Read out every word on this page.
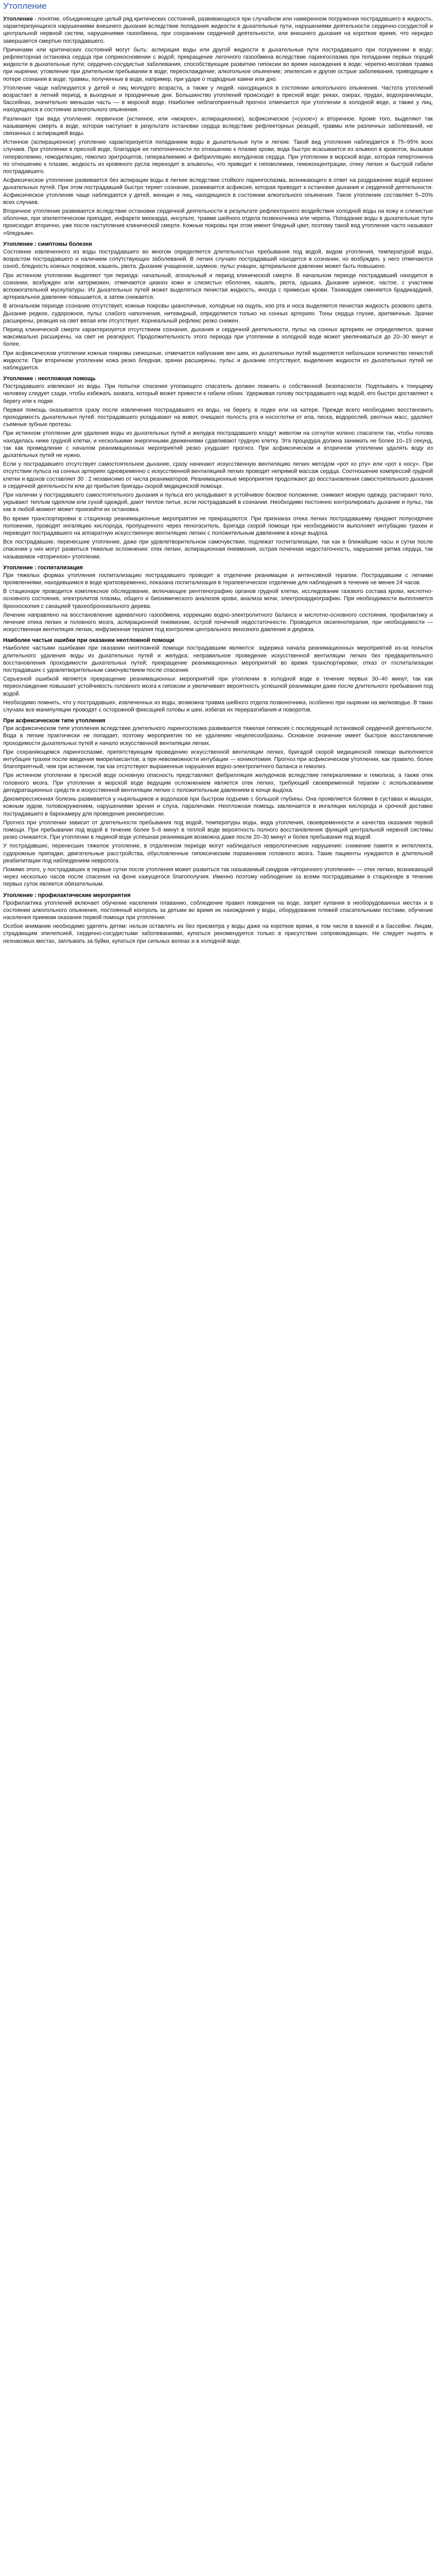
Утопление

Утопление - понятие, объединяющее целый ряд критических состояний, развивающихся при случайном или намеренном погружении пострадавшего в жидкость, характеризующихся нарушениями внешнего дыхания вследствие попадания жидкости в дыхательные пути, нарушениями деятельности сердечно-сосудистой и центральной нервной систем, нарушениями газообмена, при сохранении сердечной деятельности, или внешнего дыхания на короткое время, что нередко завершается смертью пострадавшего.

Причинами или критических состояний могут быть: аспирация воды или другой жидкости в дыхательные пути пострадавшего при погружении в воду; рефлекторная остановка сердца при соприкосновении с водой; прекращение легочного газообмена вследствие ларингоспазма при попадании первых порций жидкости в дыхательные пути; сердечно-сосудистые заболевания, способствующие развитию гипоксии во время нахождения в воде; черепно-мозговая травма при нырянии; утомление при длительном пребывании в воде; переохлаждение; алкогольное опьянение; эпилепсия и другие острые заболевания, приводящие к потере сознания в воде; травмы, полученные в воде, например, при ударе о подводные камни или дно.

Утопление чаще наблюдается у детей и лиц молодого возраста, а также у людей, находящихся в состоянии алкогольного опьянения. Частота утоплений возрастает в летний период, в выходные и праздничные дни. Большинство утоплений происходит в пресной воде: реках, озерах, прудах, водохранилищах, бассейнах, значительно меньшая часть — в морской воде. Наиболее неблагоприятный прогноз отмечается при утоплении в холодной воде, а также у лиц, находящихся в состоянии алкогольного опьянения.

Различают три вида утопления: первичное (истинное, или «мокрое», аспирационное), асфиксическое («сухое») и вторичное. Кроме того, выделяют так называемую смерть в воде, которая наступает в результате остановки сердца вследствие рефлекторных реакций, травмы или различных заболеваний, не связанных с аспирацией воды.

Истинное (аспирационное) утопление характеризуется попаданием воды в дыхательные пути и легкие. Такой вид утопления наблюдается в 75–95% всех случаев. При утоплении в пресной воде, благодаря ее гипотоничности по отношению к плазме крови, вода быстро всасывается из альвеол в кровоток, вызывая гиперволемию, гемодилюцию, гемолиз эритроцитов, гиперкалиемию и фибрилляцию желудочков сердца. При утоплении в морской воде, которая гипертонична по отношению к плазме, жидкость из кровяного русла переходит в альвеолы, что приводит к гиповолемии, гемоконцентрации, отеку легких и быстрой гибели пострадавшего.

Асфиксическое утопление развивается без аспирации воды в легкие вследствие стойкого ларингоспазма, возникающего в ответ на раздражение водой верхних дыхательных путей. При этом пострадавший быстро теряет сознание, развивается асфиксия, которая приводит к остановке дыхания и сердечной деятельности. Асфиксическое утопление чаще наблюдается у детей, женщин и лиц, находящихся в состоянии алкогольного опьянения. Такое утопление составляет 5–20% всех случаев.

Вторичное утопление развивается вследствие остановки сердечной деятельности в результате рефлекторного воздействия холодной воды на кожу и слизистые оболочки, при эпилептическом припадке, инфаркте миокарда, инсульте, травме шейного отдела позвоночника или черепа. Попадание воды в дыхательные пути происходит вторично, уже после наступления клинической смерти. Кожные покровы при этом имеют бледный цвет, поэтому такой вид утопления часто называют «бледным».

Утопление : симптомы болезни

Состояние извлеченного из воды пострадавшего во многом определяется длительностью пребывания под водой, видом утопления, температурой воды, возрастом пострадавшего и наличием сопутствующих заболеваний. В легких случаях пострадавший находится в сознании, но возбужден, у него отмечаются озноб, бледность кожных покровов, кашель, рвота. Дыхание учащенное, шумное, пульс учащен, артериальное давление может быть повышено.

При истинном утоплении выделяют три периода: начальный, агональный и период клинической смерти. В начальном периоде пострадавший находится в сознании, возбужден или заторможен, отмечаются цианоз кожи и слизистых оболочек, кашель, рвота, одышка. Дыхание шумное, частое, с участием вспомогательной мускулатуры. Из дыхательных путей может выделяться пенистая жидкость, иногда с примесью крови. Тахикардия сменяется брадикардией, артериальное давление повышается, а затем снижается.

В агональном периоде сознание отсутствует, кожные покровы цианотичные, холодные на ощупь, изо рта и носа выделяется пенистая жидкость розового цвета. Дыхание редкое, судорожное, пульс слабого наполнения, нитевидный, определяется только на сонных артериях. Тоны сердца глухие, аритмичные. Зрачки расширены, реакция на свет вялая или отсутствует. Корнеальный рефлекс резко снижен.

Период клинической смерти характеризуется отсутствием сознания, дыхания и сердечной деятельности, пульс на сонных артериях не определяется, зрачки максимально расширены, на свет не реагируют. Продолжительность этого периода при утоплении в холодной воде может увеличиваться до 20–30 минут и более.

При асфиксическом утоплении кожные покровы синюшные, отмечается набухание вен шеи, из дыхательных путей выделяется небольшое количество пенистой жидкости. При вторичном утоплении кожа резко бледная, зрачки расширены, пульс и дыхание отсутствуют, выделения жидкости из дыхательных путей не наблюдается.

Утопление : неотложная помощь

Пострадавшего извлекают из воды. При попытке спасения утопающего спасатель должен помнить о собственной безопасности. Подплывать к тонущему человеку следует сзади, чтобы избежать захвата, который может привести к гибели обоих. Удерживая голову пострадавшего над водой, его быстро доставляют к берегу или к лодке.

Первая помощь оказывается сразу после извлечения пострадавшего из воды, на берегу, в лодке или на катере. Прежде всего необходимо восстановить проходимость дыхательных путей: пострадавшего укладывают на живот, очищают полость рта и носоглотки от ила, песка, водорослей, рвотных масс, удаляют съемные зубные протезы.

При истинном утоплении для удаления воды из дыхательных путей и желудка пострадавшего кладут животом на согнутое колено спасателя так, чтобы голова находилась ниже грудной клетки, и несколькими энергичными движениями сдавливают грудную клетку. Эта процедура должна занимать не более 10–15 секунд, так как промедление с началом реанимационных мероприятий резко ухудшает прогноз. При асфиксическом и вторичном утоплении удалять воду из дыхательных путей не нужно.

Если у пострадавшего отсутствует самостоятельное дыхание, сразу начинают искусственную вентиляцию легких методом «рот ко рту» или «рот к носу». При отсутствии пульса на сонных артериях одновременно с искусственной вентиляцией легких проводят непрямой массаж сердца. Соотношение компрессий грудной клетки и вдохов составляет 30 : 2 независимо от числа реаниматоров. Реанимационные мероприятия продолжают до восстановления самостоятельного дыхания и сердечной деятельности или до прибытия бригады скорой медицинской помощи.

При наличии у пострадавшего самостоятельного дыхания и пульса его укладывают в устойчивое боковое положение, снимают мокрую одежду, растирают тело, укрывают теплым одеялом или сухой одеждой, дают теплое питье, если пострадавший в сознании. Необходимо постоянно контролировать дыхание и пульс, так как в любой момент может произойти их остановка.

Во время транспортировки в стационар реанимационные мероприятия не прекращаются. При признаках отека легких пострадавшему придают полусидячее положение, проводят ингаляцию кислорода, пропущенного через пеногаситель. Бригада скорой помощи при необходимости выполняет интубацию трахеи и переводит пострадавшего на аппаратную искусственную вентиляцию легких с положительным давлением в конце выдоха.

Все пострадавшие, перенесшие утопление, даже при удовлетворительном самочувствии, подлежат госпитализации, так как в ближайшие часы и сутки после спасения у них могут развиться тяжелые осложнения: отек легких, аспирационная пневмония, острая почечная недостаточность, нарушения ритма сердца, так называемое «вторичное» утопление.

Утопление : госпитализация

При тяжелых формах утопления госпитализацию пострадавшего проводят в отделение реанимации и интенсивной терапии. Пострадавшим с легкими проявлениями, находившимся в воде кратковременно, показана госпитализация в терапевтическое отделение для наблюдения в течение не менее 24 часов.

В стационаре проводится комплексное обследование, включающее рентгенографию органов грудной клетки, исследование газового состава крови, кислотно-основного состояния, электролитов плазмы, общего и биохимического анализов крови, анализа мочи, электрокардиографию. При необходимости выполняется бронхоскопия с санацией трахеобронхиального дерева.

Лечение направлено на восстановление адекватного газообмена, коррекцию водно-электролитного баланса и кислотно-основного состояния, профилактику и лечение отека легких и головного мозга, аспирационной пневмонии, острой почечной недостаточности. Проводится оксигенотерапия, при необходимости — искусственная вентиляция легких, инфузионная терапия под контролем центрального венозного давления и диуреза.

Наиболее частые ошибки при оказании неотложной помощи

Наиболее частыми ошибками при оказании неотложной помощи пострадавшим являются: задержка начала реанимационных мероприятий из-за попыток длительного удаления воды из дыхательных путей и желудка; неправильное проведение искусственной вентиляции легких без предварительного восстановления проходимости дыхательных путей; прекращение реанимационных мероприятий во время транспортировки; отказ от госпитализации пострадавших с удовлетворительным самочувствием после спасения.

Серьезной ошибкой является прекращение реанимационных мероприятий при утоплении в холодной воде в течение первых 30–40 минут, так как переохлаждение повышает устойчивость головного мозга к гипоксии и увеличивает вероятность успешной реанимации даже после длительного пребывания под водой.

Необходимо помнить, что у пострадавших, извлеченных из воды, возможна травма шейного отдела позвоночника, особенно при нырянии на мелководье. В таких случаях все манипуляции проводят с осторожной фиксацией головы и шеи, избегая их переразгибания и поворотов.

При асфиксическом типе утопления

При асфиксическом типе утопления вследствие длительного ларингоспазма развивается тяжелая гипоксия с последующей остановкой сердечной деятельности. Вода в легкие практически не попадает, поэтому мероприятия по ее удалению нецелесообразны. Основное значение имеет быстрое восстановление проходимости дыхательных путей и начало искусственной вентиляции легких.

При сохраняющемся ларингоспазме, препятствующем проведению искусственной вентиляции легких, бригадой скорой медицинской помощи выполняется интубация трахеи после введения миорелаксантов, а при невозможности интубации — коникотомия. Прогноз при асфиксическом утоплении, как правило, более благоприятный, чем при истинном, так как отсутствуют выраженные нарушения водно-электролитного баланса и гемолиз.

При истинном утоплении в пресной воде основную опасность представляют фибрилляция желудочков вследствие гиперкалиемии и гемолиза, а также отек головного мозга. При утоплении в морской воде ведущим осложнением является отек легких, требующий своевременной терапии с использованием дегидратационных средств и искусственной вентиляции легких с положительным давлением в конце выдоха.

Декомпрессионная болезнь развивается у ныряльщиков и водолазов при быстром подъеме с большой глубины. Она проявляется болями в суставах и мышцах, кожным зудом, головокружением, нарушениями зрения и слуха, параличами. Неотложная помощь заключается в ингаляции кислорода и срочной доставке пострадавшего в барокамеру для проведения рекомпрессии.

Прогноз при утоплении зависит от длительности пребывания под водой, температуры воды, вида утопления, своевременности и качества оказания первой помощи. При пребывании под водой в течение более 5–6 минут в теплой воде вероятность полного восстановления функций центральной нервной системы резко снижается. При утоплении в ледяной воде успешная реанимация возможна даже после 20–30 минут и более пребывания под водой.

У пострадавших, перенесших тяжелое утопление, в отдаленном периоде могут наблюдаться неврологические нарушения: снижение памяти и интеллекта, судорожные припадки, двигательные расстройства, обусловленные гипоксическим поражением головного мозга. Такие пациенты нуждаются в длительной реабилитации под наблюдением невролога.

Помимо этого, у пострадавших в первые сутки после утопления может развиться так называемый синдром «вторичного утопления» — отек легких, возникающий через несколько часов после спасения на фоне кажущегося благополучия. Именно поэтому наблюдение за всеми пострадавшими в стационаре в течение первых суток является обязательным.

Утопление : профилактические мероприятия

Профилактика утоплений включает обучение населения плаванию, соблюдение правил поведения на воде, запрет купания в необорудованных местах и в состоянии алкогольного опьянения, постоянный контроль за детьми во время их нахождения у воды, оборудование пляжей спасательными постами, обучение населения приемам оказания первой помощи при утоплении.

Особое внимание необходимо уделять детям: нельзя оставлять их без присмотра у воды даже на короткое время, в том числе в ванной и в бассейне. Лицам, страдающим эпилепсией, сердечно-сосудистыми заболеваниями, купаться рекомендуется только в присутствии сопровождающих. Не следует нырять в незнакомых местах, заплывать за буйки, купаться при сильных волнах и в холодной воде.
